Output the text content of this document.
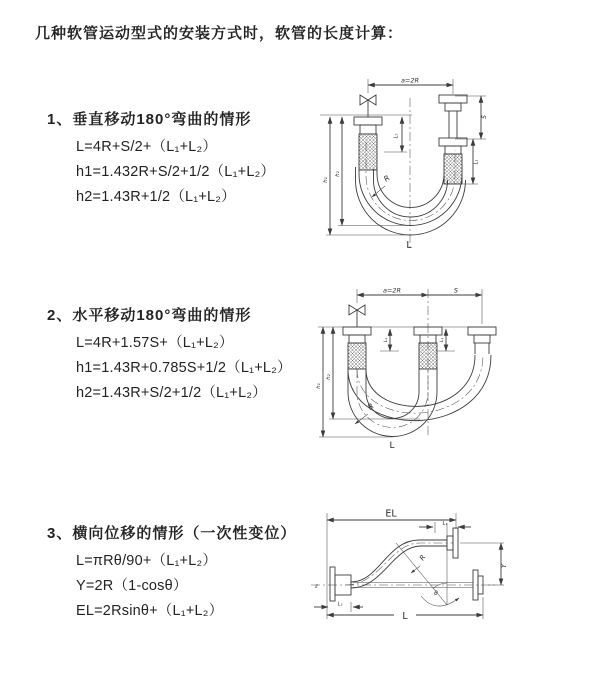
几种软管运动型式的安装方式时，软管的长度计算：
1、垂直移动180°弯曲的情形
L=4R+S/2+（L₁+L₂）
h1=1.432R+S/2+1/2（L₁+L₂）
h2=1.43R+1/2（L₁+L₂）
2、水平移动180°弯曲的情形
L=4R+1.57S+（L₁+L₂）
h1=1.43R+0.785S+1/2（L₁+L₂）
h2=1.43R+S/2+1/2（L₁+L₂）
3、横向位移的情形（一次性变位）
L=πRθ/90+（L₁+L₂）
Y=2R（1-cosθ）
EL=2Rsinθ+（L₁+L₂）
a=2R
L₂
S
L₁
h₁
h₂	R
L
a=2R	S
L₂	L₁
h₁
h₂
R
L
EL
L₁
Y
θ
R
L
L₂
z
